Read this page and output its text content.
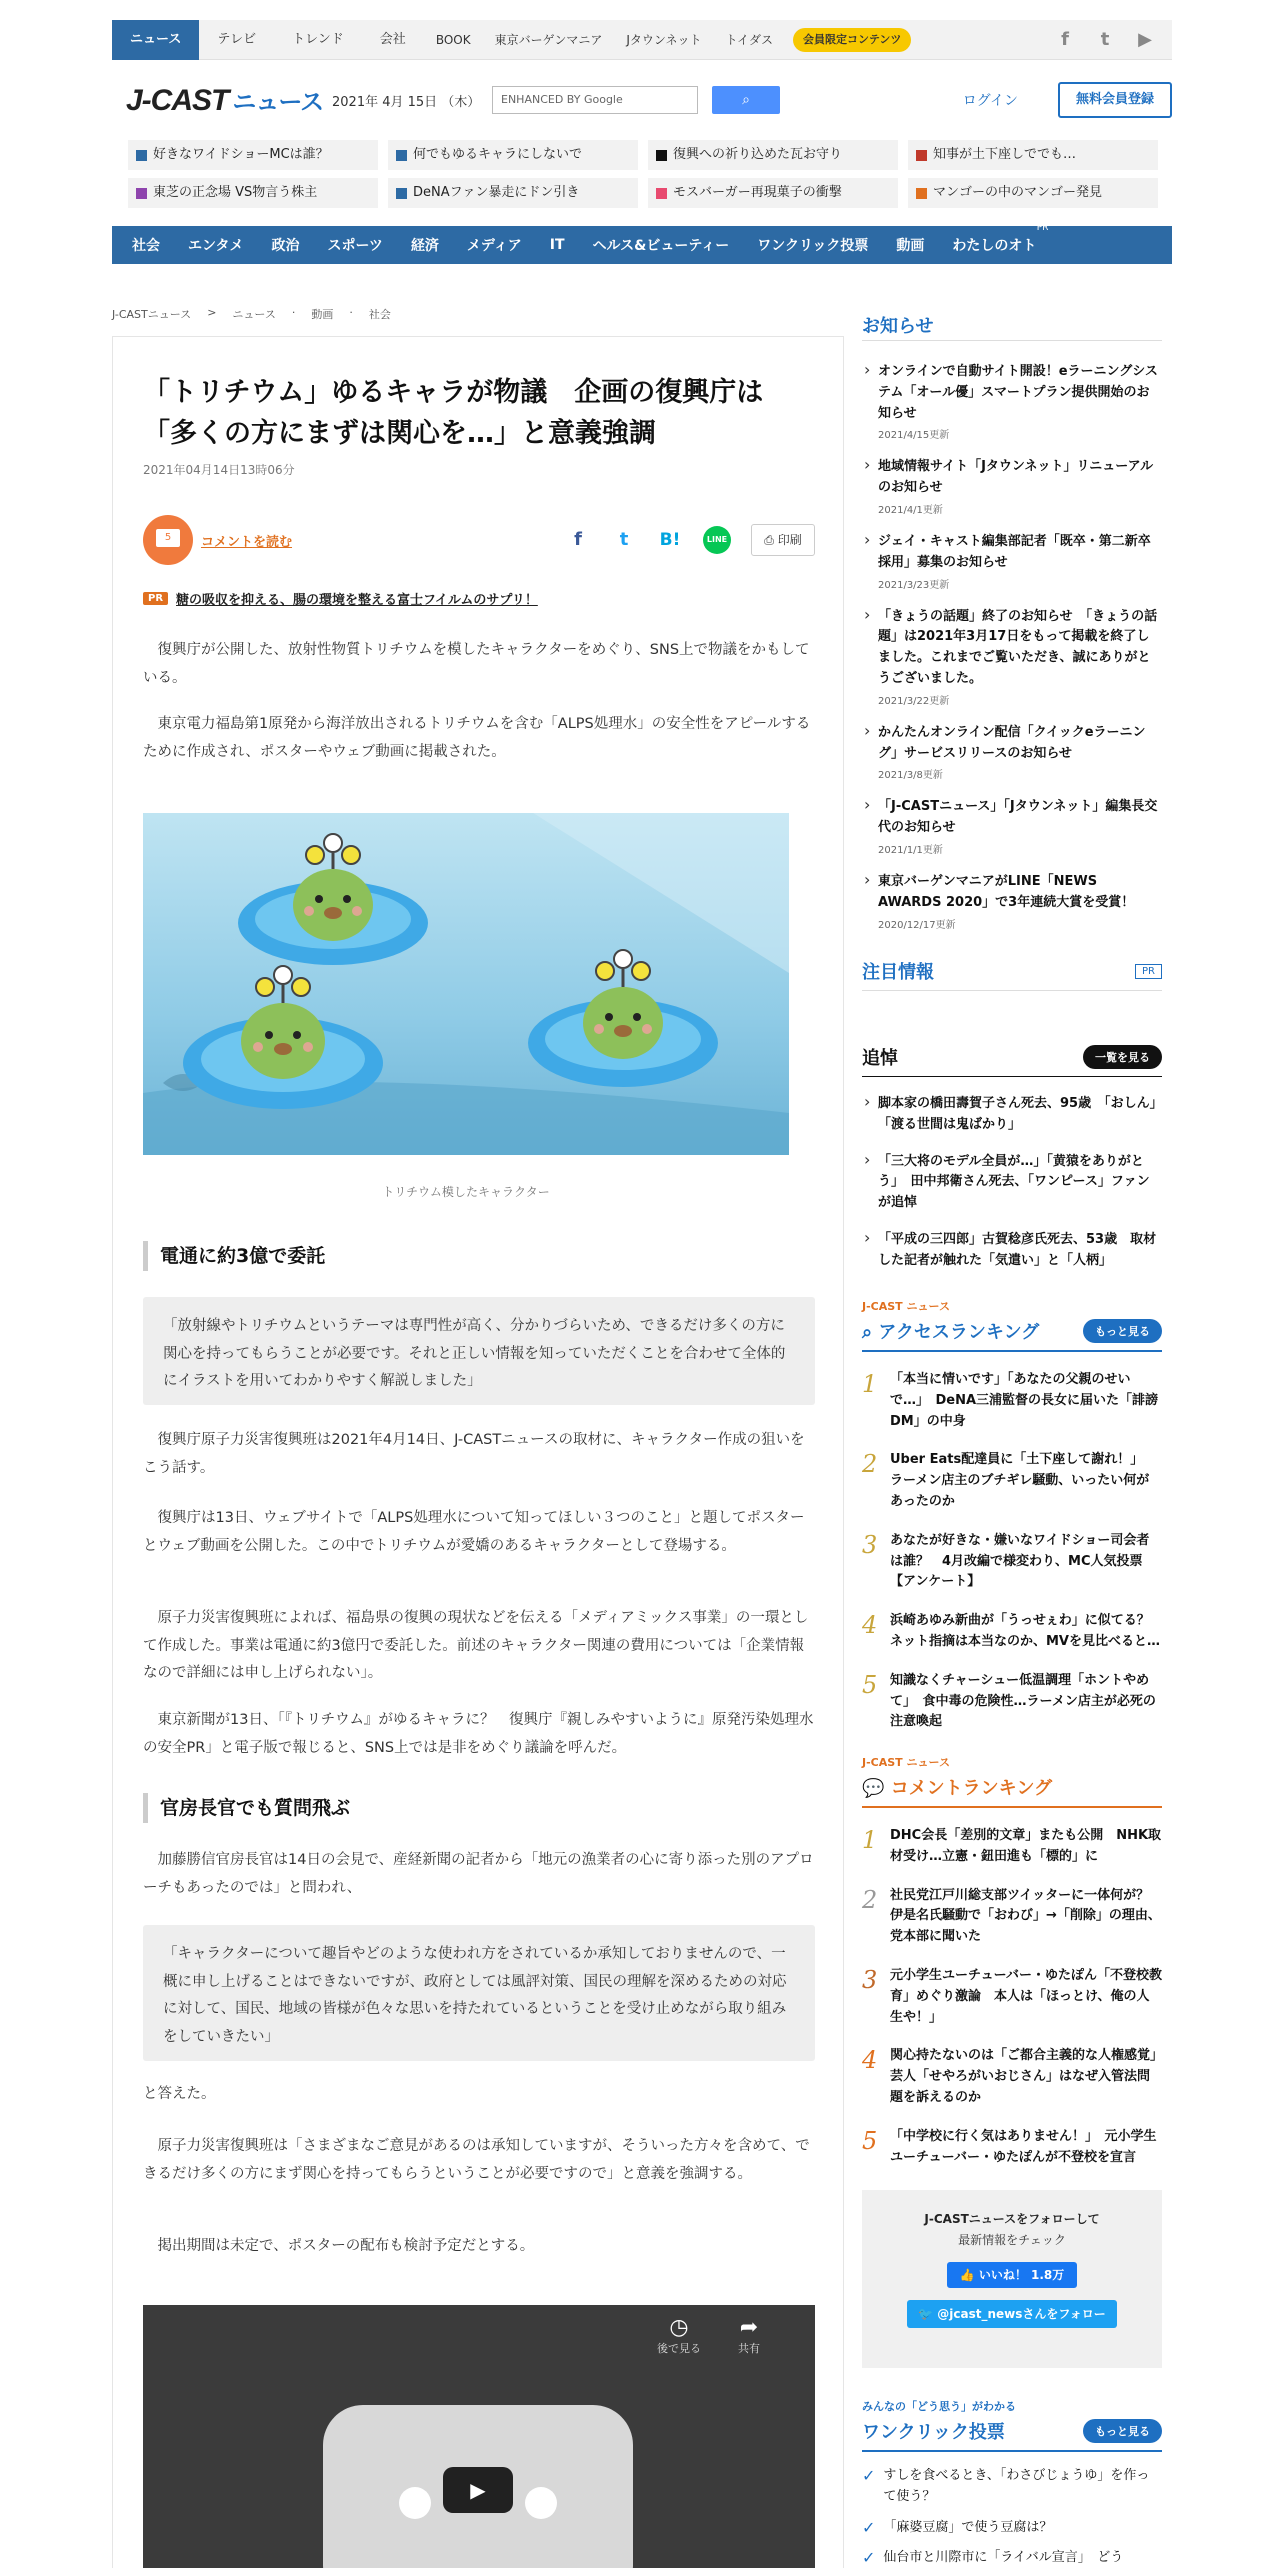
ニュース	テレビ	トレンド	会社	BOOK	東京バーゲンマニア	Jタウンネット	トイダス	会員限定コンテンツ	f	t	▶
J-CAST ニュース 2021年 4月 15日 （木）	ENHANCED BY Google	⌕	ログイン	無料会員登録
好きなワイドショーMCは誰？	何でもゆるキャラにしないで	復興への祈り込めた瓦お守り	知事が土下座しででも…
東芝の正念場 VS物言う株主	DeNAファン暴走にドン引き	モスバーガー再現菓子の衝撃	マンゴーの中のマンゴー発見
社会	エンタメ	政治	スポーツ	経済	メディア	IT	ヘルス&ビューティー	ワンクリック投票	動画	わたしのオト
PR
J-CASTニュース > ニュース · 動画 · 社会
「トリチウム」ゆるキャラが物議　企画の復興庁は「多くの方にまずは関心を…」と意義強調
2021年04月14日13時06分
5	コメントを読む	f	t	B!	LINE	⎙ 印刷
PR	糖の吸収を抑える、腸の環境を整える富士フイルムのサプリ！

復興庁が公開した、放射性物質トリチウムを模したキャラクターをめぐり、SNS上で物議をかもしている。

東京電力福島第1原発から海洋放出されるトリチウムを含む「ALPS処理水」の安全性をアピールするために作成され、ポスターやウェブ動画に掲載された。

トリチウム模したキャラクター
電通に約3億で委託
「放射線やトリチウムというテーマは専門性が高く、分かりづらいため、できるだけ多くの方に関心を持ってもらうことが必要です。それと正しい情報を知っていただくことを合わせて全体的にイラストを用いてわかりやすく解説しました」

復興庁原子力災害復興班は2021年4月14日、J-CASTニュースの取材に、キャラクター作成の狙いをこう話す。

復興庁は13日、ウェブサイトで「ALPS処理水について知ってほしい３つのこと」と題してポスターとウェブ動画を公開した。この中でトリチウムが愛嬌のあるキャラクターとして登場する。

原子力災害復興班によれば、福島県の復興の現状などを伝える「メディアミックス事業」の一環として作成した。事業は電通に約3億円で委託した。前述のキャラクター関連の費用については「企業情報なので詳細には申し上げられない」。

東京新聞が13日、「『トリチウム』がゆるキャラに？　復興庁『親しみやすいように』原発汚染処理水の安全PR」と電子版で報じると、SNS上では是非をめぐり議論を呼んだ。

官房長官でも質問飛ぶ

加藤勝信官房長官は14日の会見で、産経新聞の記者から「地元の漁業者の心に寄り添った別のアプローチもあったのでは」と問われ、

「キャラクターについて趣旨やどのような使われ方をされているか承知しておりませんので、一概に申し上げることはできないですが、政府としては風評対策、国民の理解を深めるための対応に対して、国民、地域の皆様が色々な思いを持たれているということを受け止めながら取り組みをしていきたい」

と答えた。

原子力災害復興班は「さまざまなご意見があるのは承知していますが、そういった方々を含めて、できるだけ多くの方にまず関心を持ってもらうということが必要ですので」と意義を強調する。

掲出期間は未定で、ポスターの配布も検討予定だとする。

◷
後で見る
➦
共有
▶
お知らせ
› オンラインで自動サイト開設！eラーニングシステム「オール優」スマートプラン提供開始のお知らせ
2021/4/15更新
› 地域情報サイト「Jタウンネット」リニューアルのお知らせ
2021/4/1更新
› ジェイ・キャスト編集部記者「既卒・第二新卒採用」募集のお知らせ
2021/3/23更新
› 「きょうの話題」終了のお知らせ　「きょうの話題」は2021年3月17日をもって掲載を終了しました。これまでご覧いただき、誠にありがとうございました。
2021/3/22更新
› かんたんオンライン配信「クイックeラーニング」サービスリリースのお知らせ
2021/3/8更新
› 「J-CASTニュース」「Jタウンネット」編集長交代のお知らせ
2021/1/1更新
› 東京バーゲンマニアがLINE「NEWS AWARDS 2020」で3年連続大賞を受賞！
2020/12/17更新
注目情報	PR
追悼	一覧を見る
› 脚本家の橋田壽賀子さん死去、95歳　「おしん」「渡る世間は鬼ばかり」
› 「三大将のモデル全員が…」「黄猿をありがとう」　田中邦衛さん死去、「ワンピース」ファンが追悼
› 「平成の三四郎」古賀稔彦氏死去、53歳　取材した記者が触れた「気遣い」と「人柄」
J-CAST ニュース
⌕ アクセスランキング	もっと見る
1 「本当に情いです」「あなたの父親のせいで…」　DeNA三浦監督の長女に届いた「誹謗DM」の中身
2 Uber Eats配達員に「土下座して謝れ！」　ラーメン店主のブチギレ騒動、いったい何があったのか
3 あなたが好きな・嫌いなワイドショー司会者は誰？　4月改編で様変わり、MC人気投票【アンケート】
4 浜崎あゆみ新曲が「うっせぇわ」に似てる？　ネット指摘は本当なのか、MVを見比べると…
5 知識なくチャーシュー低温調理「ホントやめて」　食中毒の危険性…ラーメン店主が必死の注意喚起
J-CAST ニュース
💬 コメントランキング
1 DHC会長「差別的文章」またも公開　NHK取材受け…立憲・鈕田進も「標的」に
2 社民党江戸川総支部ツイッターに一体何が？　伊是名氏騒動で「おわび」→「削除」の理由、党本部に聞いた
3 元小学生ユーチューバー・ゆたぽん「不登校教育」めぐり激論　本人は「ほっとけ、俺の人生や！」
4 関心持たないのは「ご都合主義的な人権感覚」　芸人「せやろがいおじさん」はなぜ入管法問題を訴えるのか
5 「中学校に行く気はありません！」　元小学生ユーチューバー・ゆたぽんが不登校を宣言
J-CASTニュースをフォローして
最新情報をチェック
👍 いいね！ 1.8万
🐦 @jcast_newsさんをフォロー
みんなの「どう思う」がわかる
ワンクリック投票	もっと見る
✓ すしを食べるとき、「わさびじょうゆ」を作って使う？
✓ 「麻婆豆腐」で使う豆腐は？
✓ 仙台市と川際市に「ライバル宣言」　どう
